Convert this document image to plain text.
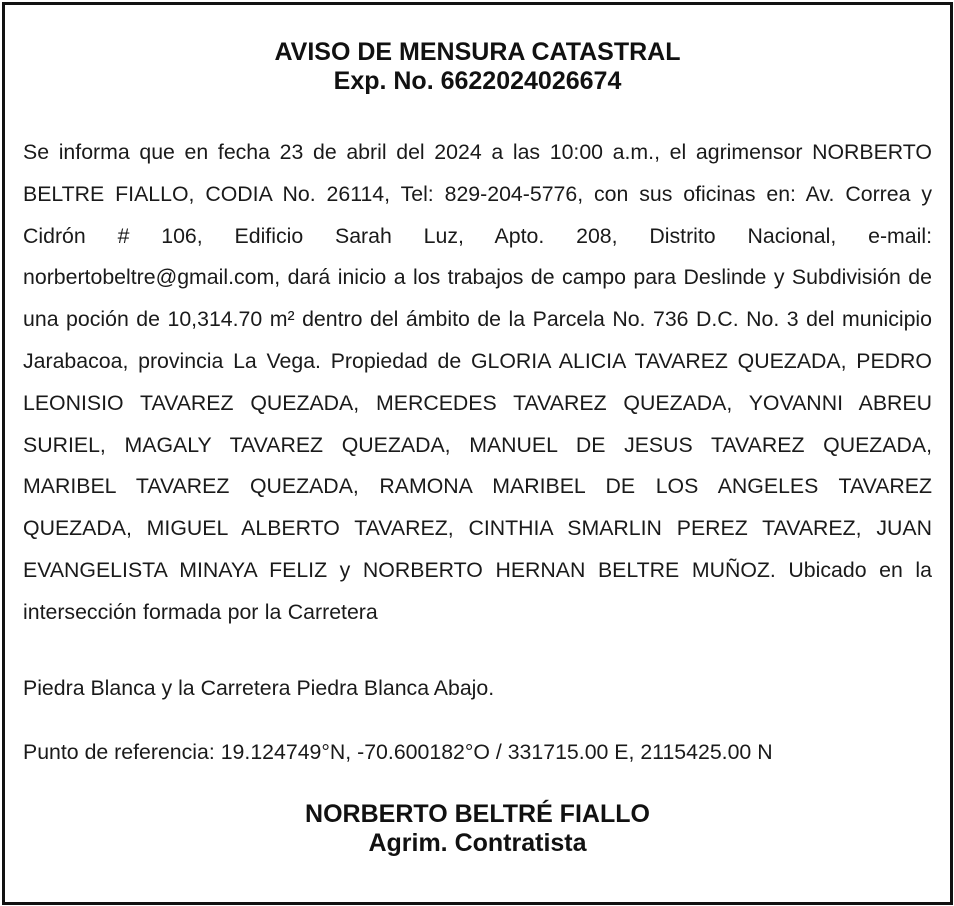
AVISO DE MENSURA CATASTRAL

Exp. No. 6622024026674

Se informa que en fecha 23 de abril del 2024 a las 10:00 a.m., el agrimensor NORBERTO BELTRE FIALLO, CODIA No. 26114, Tel: 829-204-5776, con sus oficinas en: Av. Correa y Cidrón # 106, Edificio Sarah Luz, Apto. 208, Distrito Nacional, e-mail: norbertobeltre@gmail.com, dará inicio a los trabajos de campo para Deslinde y Subdivisión de una poción de 10,314.70 m² dentro del ámbito de la Parcela No. 736 D.C. No. 3 del municipio Jarabacoa, provincia La Vega. Propiedad de GLORIA ALICIA TAVAREZ QUEZADA, PEDRO LEONISIO TAVAREZ QUEZADA, MERCEDES TAVAREZ QUEZADA, YOVANNI ABREU SURIEL, MAGALY TAVAREZ QUEZADA, MANUEL DE JESUS TAVAREZ QUEZADA, MARIBEL TAVAREZ QUEZADA, RAMONA MARIBEL DE LOS ANGELES TAVAREZ QUEZADA, MIGUEL ALBERTO TAVAREZ, CINTHIA SMARLIN PEREZ TAVAREZ, JUAN EVANGELISTA MINAYA FELIZ y NORBERTO HERNAN BELTRE MUÑOZ. Ubicado en la intersección formada por la Carretera

Piedra Blanca y la Carretera Piedra Blanca Abajo.

Punto de referencia: 19.124749°N, -70.600182°O / 331715.00 E, 2115425.00 N

NORBERTO BELTRÉ FIALLO

Agrim. Contratista
